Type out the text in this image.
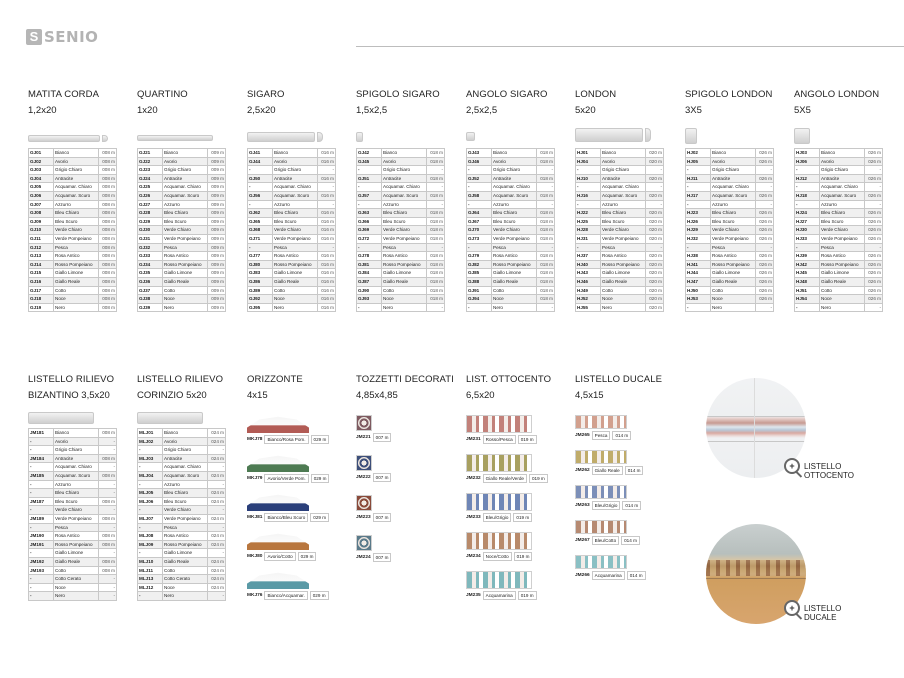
S SENIO
MATITA CORDA
1,2x20
GJ01	Bianco	008 m
GJ02	Avorio	008 m
GJ03	Grigio Chiaro	008 m
GJ04	Antracite	008 m
GJ05	Acquamar. Chiaro	008 m
GJ06	Acquamar. Scuro	008 m
GJ07	Azzurro	008 m
GJ08	Bleu Chiaro	008 m
GJ09	Bleu Scuro	008 m
GJ10	Verde Chiaro	008 m
GJ11	Verde Pompeiano	008 m
GJ12	Pesca	008 m
GJ13	Rosa Antico	008 m
GJ14	Rosso Pompeiano	008 m
GJ15	Giallo Limone	008 m
GJ16	Giallo Reale	008 m
GJ17	Cotto	008 m
GJ18	Noce	008 m
GJ19	Nero	008 m
QUARTINO
1x20
GJ21	Bianco	009 m
GJ22	Avorio	009 m
GJ23	Grigio Chiaro	009 m
GJ24	Antracite	009 m
GJ25	Acquamar. Chiaro	009 m
GJ26	Acquamar. Scuro	009 m
GJ27	Azzurro	009 m
GJ28	Bleu Chiaro	009 m
GJ29	Bleu Scuro	009 m
GJ30	Verde Chiaro	009 m
GJ31	Verde Pompeiano	009 m
GJ32	Pesca	009 m
GJ33	Rosa Antico	009 m
GJ34	Rosso Pompeiano	009 m
GJ35	Giallo Limone	009 m
GJ36	Giallo Reale	009 m
GJ37	Cotto	009 m
GJ38	Noce	009 m
GJ39	Nero	009 m
SIGARO
2,5x20
GJ41	Bianco	016 m
GJ44	Avorio	016 m
-	Grigio Chiaro	-
GJ50	Antracite	016 m
-	Acquamar. Chiaro	-
GJ56	Acquamar. Scuro	016 m
-	Azzurro	-
GJ62	Bleu Chiaro	016 m
GJ65	Bleu Scuro	016 m
GJ68	Verde Chiaro	016 m
GJ71	Verde Pompeiano	016 m
-	Pesca	-
GJ77	Rosa Antico	016 m
GJ80	Rosso Pompeiano	016 m
GJ83	Giallo Limone	016 m
GJ86	Giallo Reale	016 m
GJ89	Cotto	016 m
GJ92	Noce	016 m
GJ95	Nero	016 m
SPIGOLO SIGARO
1,5x2,5
GJ42	Bianco	018 m
GJ45	Avorio	018 m
-	Grigio Chiaro	-
GJ51	Antracite	018 m
-	Acquamar. Chiaro	-
GJ57	Acquamar. Scuro	018 m
-	Azzurro	-
GJ63	Bleu Chiaro	018 m
GJ66	Bleu Scuro	018 m
GJ69	Verde Chiaro	018 m
GJ72	Verde Pompeiano	018 m
-	Pesca	-
GJ78	Rosa Antico	018 m
GJ81	Rosso Pompeiano	018 m
GJ84	Giallo Limone	018 m
GJ87	Giallo Reale	018 m
GJ90	Cotto	018 m
GJ93	Noce	018 m
-	Nero	-
ANGOLO SIGARO
2,5x2,5
GJ43	Bianco	018 m
GJ46	Avorio	018 m
-	Grigio Chiaro	-
GJ52	Antracite	018 m
-	Acquamar. Chiaro	-
GJ58	Acquamar. Scuro	018 m
-	Azzurro	-
GJ64	Bleu Chiaro	018 m
GJ67	Bleu Scuro	018 m
GJ70	Verde Chiaro	018 m
GJ73	Verde Pompeiano	018 m
-	Pesca	-
GJ79	Rosa Antico	018 m
GJ82	Rosso Pompeiano	018 m
GJ85	Giallo Limone	018 m
GJ88	Giallo Reale	018 m
GJ91	Cotto	018 m
GJ94	Noce	018 m
-	Nero	-
LONDON
5x20
HJ01	Bianco	020 m
HJ04	Avorio	020 m
-	Grigio Chiaro	-
HJ10	Antracite	020 m
-	Acquamar. Chiaro	-
HJ16	Acquamar. Scuro	020 m
-	Azzurro	-
HJ22	Bleu Chiaro	020 m
HJ25	Bleu Scuro	020 m
HJ28	Verde Chiaro	020 m
HJ31	Verde Pompeiano	020 m
-	Pesca	-
HJ37	Rosa Antico	020 m
HJ40	Rosso Pompeiano	020 m
HJ43	Giallo Limone	020 m
HJ46	Giallo Reale	020 m
HJ49	Cotto	020 m
HJ52	Noce	020 m
HJ55	Nero	020 m
SPIGOLO LONDON
3X5
HJ02	Bianco	026 m
HJ05	Avorio	026 m
-	Grigio Chiaro	-
HJ11	Antracite	026 m
-	Acquamar. Chiaro	-
HJ17	Acquamar. Scuro	026 m
-	Azzurro	-
HJ23	Bleu Chiaro	026 m
HJ26	Bleu Scuro	026 m
HJ29	Verde Chiaro	026 m
HJ32	Verde Pompeiano	026 m
-	Pesca	-
HJ38	Rosa Antico	026 m
HJ41	Rosso Pompeiano	026 m
HJ44	Giallo Limone	026 m
HJ47	Giallo Reale	026 m
HJ50	Cotto	026 m
HJ53	Noce	026 m
-	Nero	-
ANGOLO LONDON
5X5
HJ03	Bianco	026 m
HJ06	Avorio	026 m
-	Grigio Chiaro	-
HJ12	Antracite	026 m
-	Acquamar. Chiaro	-
HJ18	Acquamar. Scuro	026 m
-	Azzurro	-
HJ24	Bleu Chiaro	026 m
HJ27	Bleu Scuro	026 m
HJ30	Verde Chiaro	026 m
HJ33	Verde Pompeiano	026 m
-	Pesca	-
HJ39	Rosa Antico	026 m
HJ42	Rosso Pompeiano	026 m
HJ45	Giallo Limone	026 m
HJ48	Giallo Reale	026 m
HJ51	Cotto	026 m
HJ54	Noce	026 m
-	Nero	-
LISTELLO RILIEVO
BIZANTINO 3,5x20
JM181	Bianco	008 m
-	Avorio	-
-	Grigio Chiaro	-
JM184	Antracite	008 m
-	Acquamar. Chiaro	-
JM185	Acquamar. Scuro	008 m
-	Azzurro	-
-	Bleu Chiaro	-
JM187	Bleu Scuro	008 m
-	Verde Chiaro	-
JM189	Verde Pompeiano	008 m
-	Pesca	-
JM190	Rosa Antico	008 m
JM191	Rosso Pompeiano	008 m
-	Giallo Limone	-
JM192	Giallo Reale	008 m
JM193	Cotto	008 m
-	Cotto Cerato	-
-	Noce	-
-	Nero	-
LISTELLO RILIEVO
CORINZIO 5x20
MLJ01	Bianco	024 m
MLJ02	Avorio	024 m
-	Grigio Chiaro	-
MLJ03	Antracite	024 m
-	Acquamar. Chiaro	-
MLJ04	Acquamar. Scuro	024 m
-	Azzurro	-
MLJ05	Bleu Chiaro	024 m
MLJ06	Bleu Scuro	024 m
-	Verde Chiaro	-
MLJ07	Verde Pompeiano	024 m
-	Pesca	-
MLJ08	Rosa Antico	024 m
MLJ09	Rosso Pompeiano	024 m
-	Giallo Limone	-
MLJ10	Giallo Reale	024 m
MLJ11	Cotto	024 m
MLJ13	Cotto Cerato	024 m
MLJ12	Noce	024 m
-	Nero	-
ORIZZONTE
4x15
MKJ78	Bianco/Rosa Pom.	029 m
MKJ79	Avorio/Verde Pom.	029 m
MKJ81	Bianco/Bleu Scuro	029 m
MKJ80	Avorio/Cotto	029 m
MKJ76	Bianco/Acquamar.	029 m
TOZZETTI DECORATI
4,85x4,85
JM221	007 m
JM222	007 m
JM223	007 m
JM224	007 m
LIST. OTTOCENTO
6,5x20
JM231	Rosso/Pesca	019 m
JM232	Giallo Reale/Verde	019 m
JM233	Bleu/Grigio	019 m
JM234	Noce/Cotto	019 m
JM235	Acquamarina	019 m
LISTELLO DUCALE
4,5x15
JM265	Pesca	014 m
JM262	Giallo Reale	014 m
JM263	Bleu/Grigio	014 m
JM267	Bleu/Cotto	014 m
JM266	Acquamarina	014 m
+	LISTELLO
OTTOCENTO
+	LISTELLO
DUCALE
